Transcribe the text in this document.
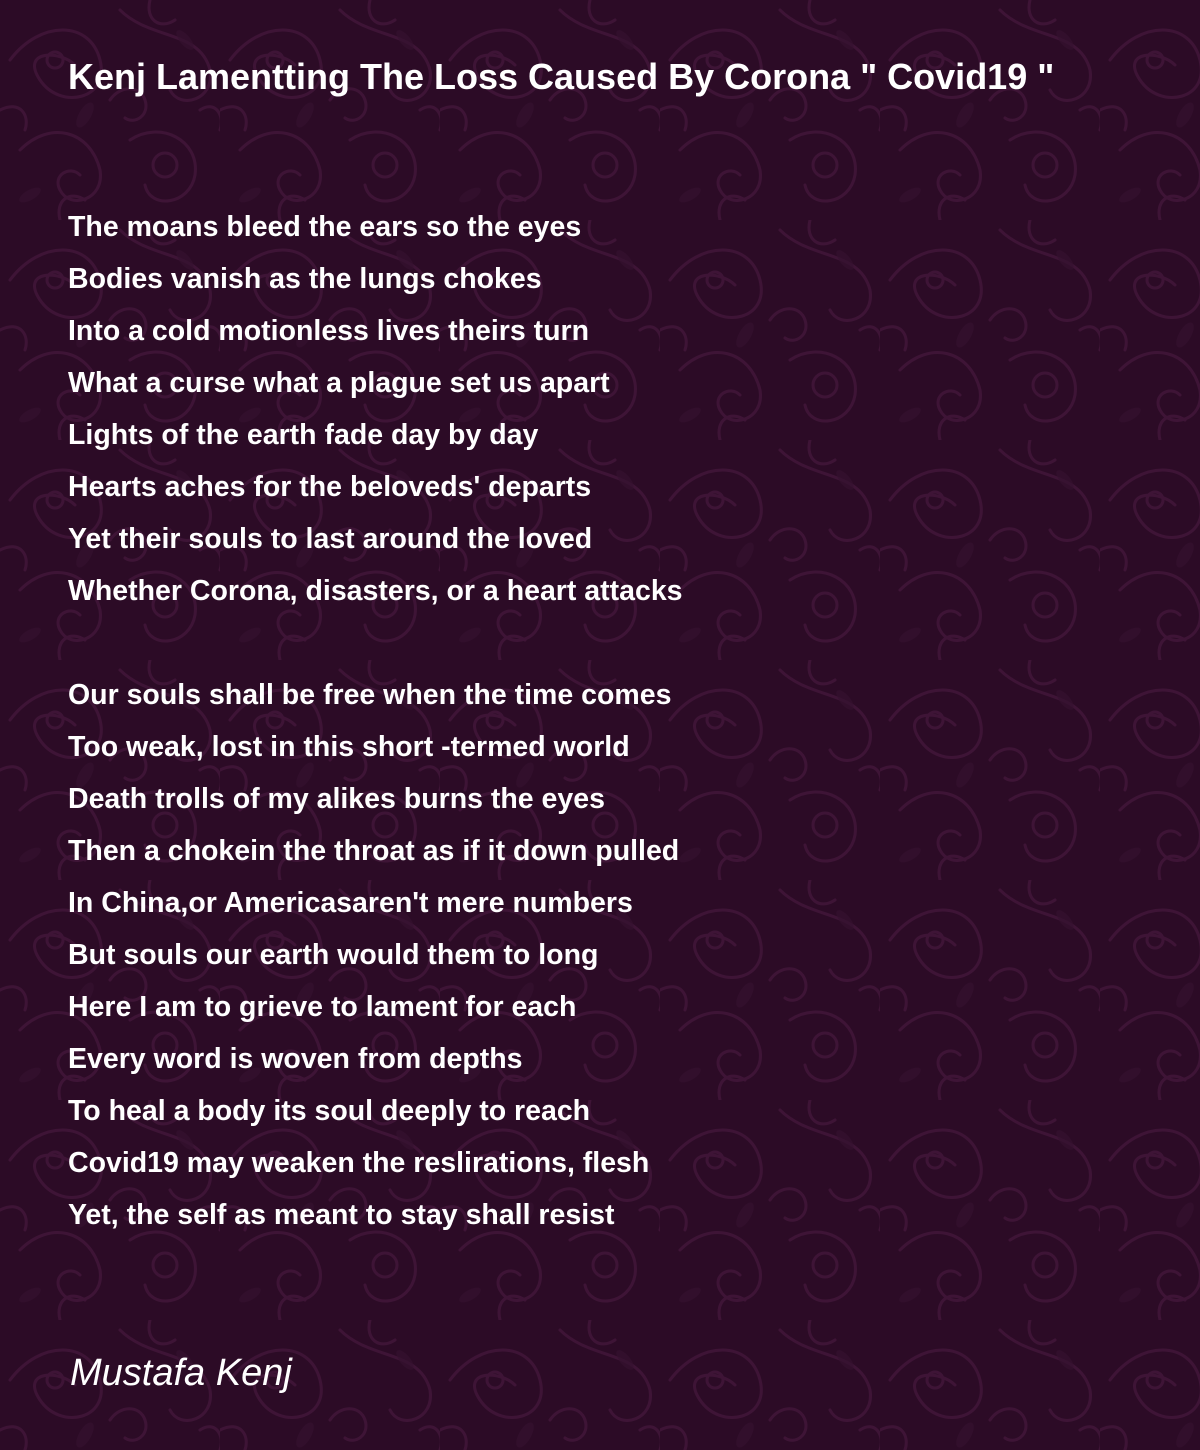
Kenj Lamentting The Loss Caused By Corona " Covid19 "
The moans bleed the ears so the eyes
Bodies vanish as the lungs chokes
Into a cold motionless lives theirs turn
What a curse what a plague set us apart
Lights of the earth fade day by day
Hearts aches for the beloveds' departs
Yet their souls to last around the loved
Whether Corona, disasters, or a heart attacks
Our souls shall be free when the time comes
Too weak, lost in this short -termed world
Death trolls of my alikes burns the eyes
Then a chokein the throat as if it down pulled
In China,or Americasaren't mere numbers
But souls our earth would them to long
Here I am to grieve to lament for each
Every word is woven from depths
To heal a body its soul deeply to reach
Covid19 may weaken the reslirations, flesh
Yet, the self as meant to stay shall resist

Mustafa Kenj
